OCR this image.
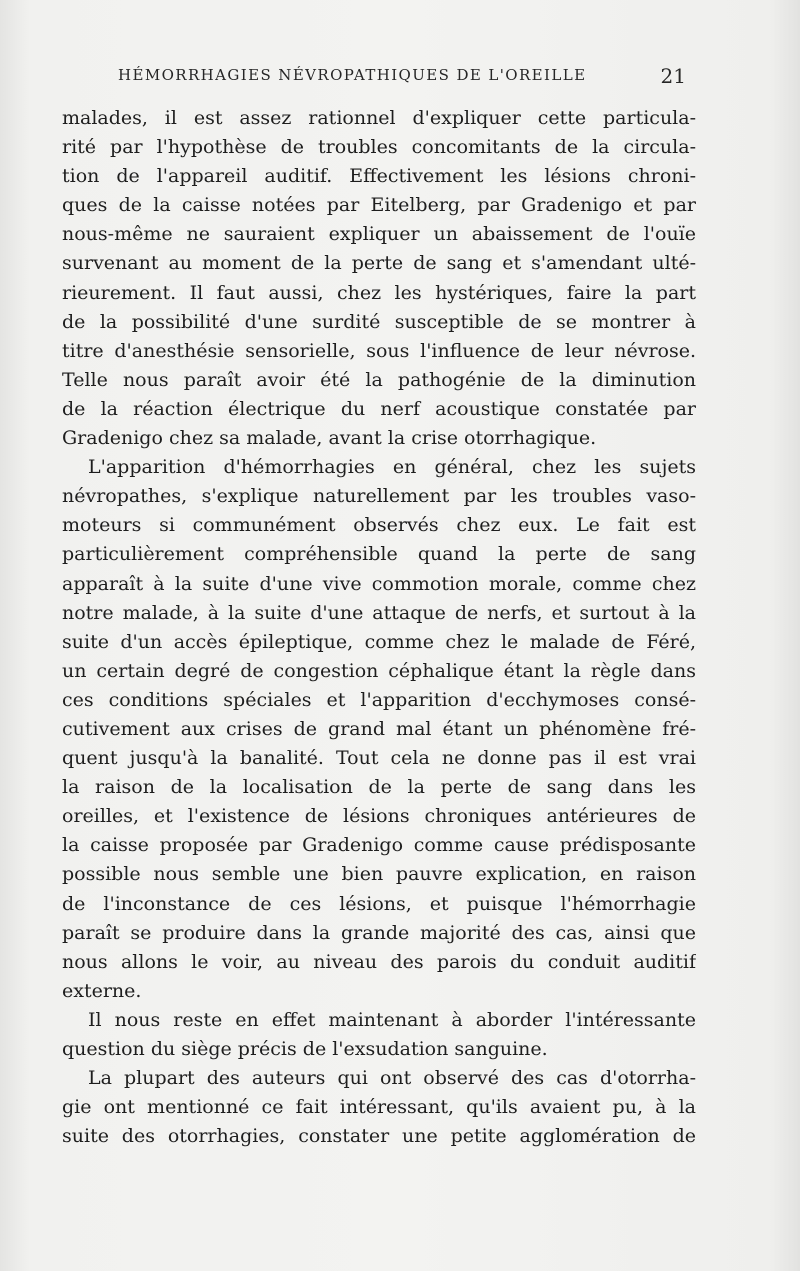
HÉMORRHAGIES NÉVROPATHIQUES DE L'OREILLE	21
malades, il est assez rationnel d'expliquer cette particula-
rité par l'hypothèse de troubles concomitants de la circula-
tion de l'appareil auditif. Effectivement les lésions chroni-
ques de la caisse notées par Eitelberg, par Gradenigo et par
nous-même ne sauraient expliquer un abaissement de l'ouïe
survenant au moment de la perte de sang et s'amendant ulté-
rieurement. Il faut aussi, chez les hystériques, faire la part
de la possibilité d'une surdité susceptible de se montrer à
titre d'anesthésie sensorielle, sous l'influence de leur névrose.
Telle nous paraît avoir été la pathogénie de la diminution
de la réaction électrique du nerf acoustique constatée par
Gradenigo chez sa malade, avant la crise otorrhagique.
L'apparition d'hémorrhagies en général, chez les sujets
névropathes, s'explique naturellement par les troubles vaso-
moteurs si communément observés chez eux. Le fait est
particulièrement compréhensible quand la perte de sang
apparaît à la suite d'une vive commotion morale, comme chez
notre malade, à la suite d'une attaque de nerfs, et surtout à la
suite d'un accès épileptique, comme chez le malade de Féré,
un certain degré de congestion céphalique étant la règle dans
ces conditions spéciales et l'apparition d'ecchymoses consé-
cutivement aux crises de grand mal étant un phénomène fré-
quent jusqu'à la banalité. Tout cela ne donne pas il est vrai
la raison de la localisation de la perte de sang dans les
oreilles, et l'existence de lésions chroniques antérieures de
la caisse proposée par Gradenigo comme cause prédisposante
possible nous semble une bien pauvre explication, en raison
de l'inconstance de ces lésions, et puisque l'hémorrhagie
paraît se produire dans la grande majorité des cas, ainsi que
nous allons le voir, au niveau des parois du conduit auditif
externe.
Il nous reste en effet maintenant à aborder l'intéressante
question du siège précis de l'exsudation sanguine.
La plupart des auteurs qui ont observé des cas d'otorrha-
gie ont mentionné ce fait intéressant, qu'ils avaient pu, à la
suite des otorrhagies, constater une petite agglomération de
